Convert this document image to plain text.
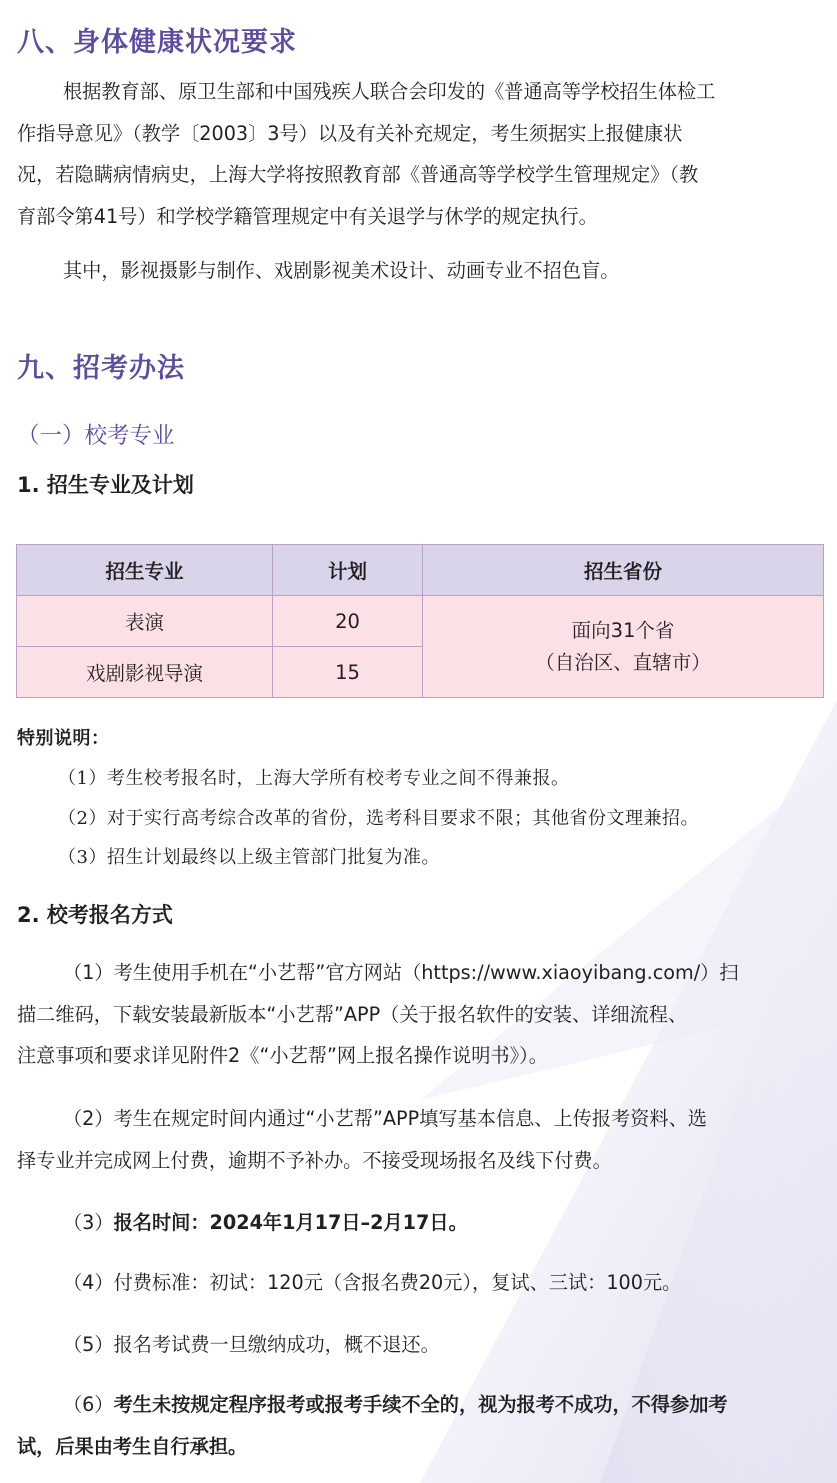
八、身体健康状况要求
根据教育部、原卫生部和中国残疾人联合会印发的《普通高等学校招生体检工
作指导意见》（教学〔2003〕3号）以及有关补充规定，考生须据实上报健康状
况，若隐瞒病情病史，上海大学将按照教育部《普通高等学校学生管理规定》（教
育部令第41号）和学校学籍管理规定中有关退学与休学的规定执行。

其中，影视摄影与制作、戏剧影视美术设计、动画专业不招色盲。

九、招考办法
（一）校考专业
1. 招生专业及计划
招生专业	计划	招生省份
表演	20	面向31个省
（自治区、直辖市）

戏剧影视导演	15	

特别说明：

（1）考生校考报名时，上海大学所有校考专业之间不得兼报。

（2）对于实行高考综合改革的省份，选考科目要求不限；其他省份文理兼招。

（3）招生计划最终以上级主管部门批复为准。

2. 校考报名方式
（1）考生使用手机在“小艺帮”官方网站（https://www.xiaoyibang.com/）扫
描二维码，下载安装最新版本“小艺帮”APP（关于报名软件的安装、详细流程、
注意事项和要求详见附件2《“小艺帮”网上报名操作说明书》）。
（2）考生在规定时间内通过“小艺帮”APP填写基本信息、上传报考资料、选
择专业并完成网上付费，逾期不予补办。不接受现场报名及线下付费。

（3）报名时间：2024年1月17日–2月17日。

（4）付费标准：初试：120元（含报名费20元），复试、三试：100元。

（5）报名考试费一旦缴纳成功，概不退还。

（6）考生未按规定程序报考或报考手续不全的，视为报考不成功，不得参加考
试，后果由考生自行承担。
